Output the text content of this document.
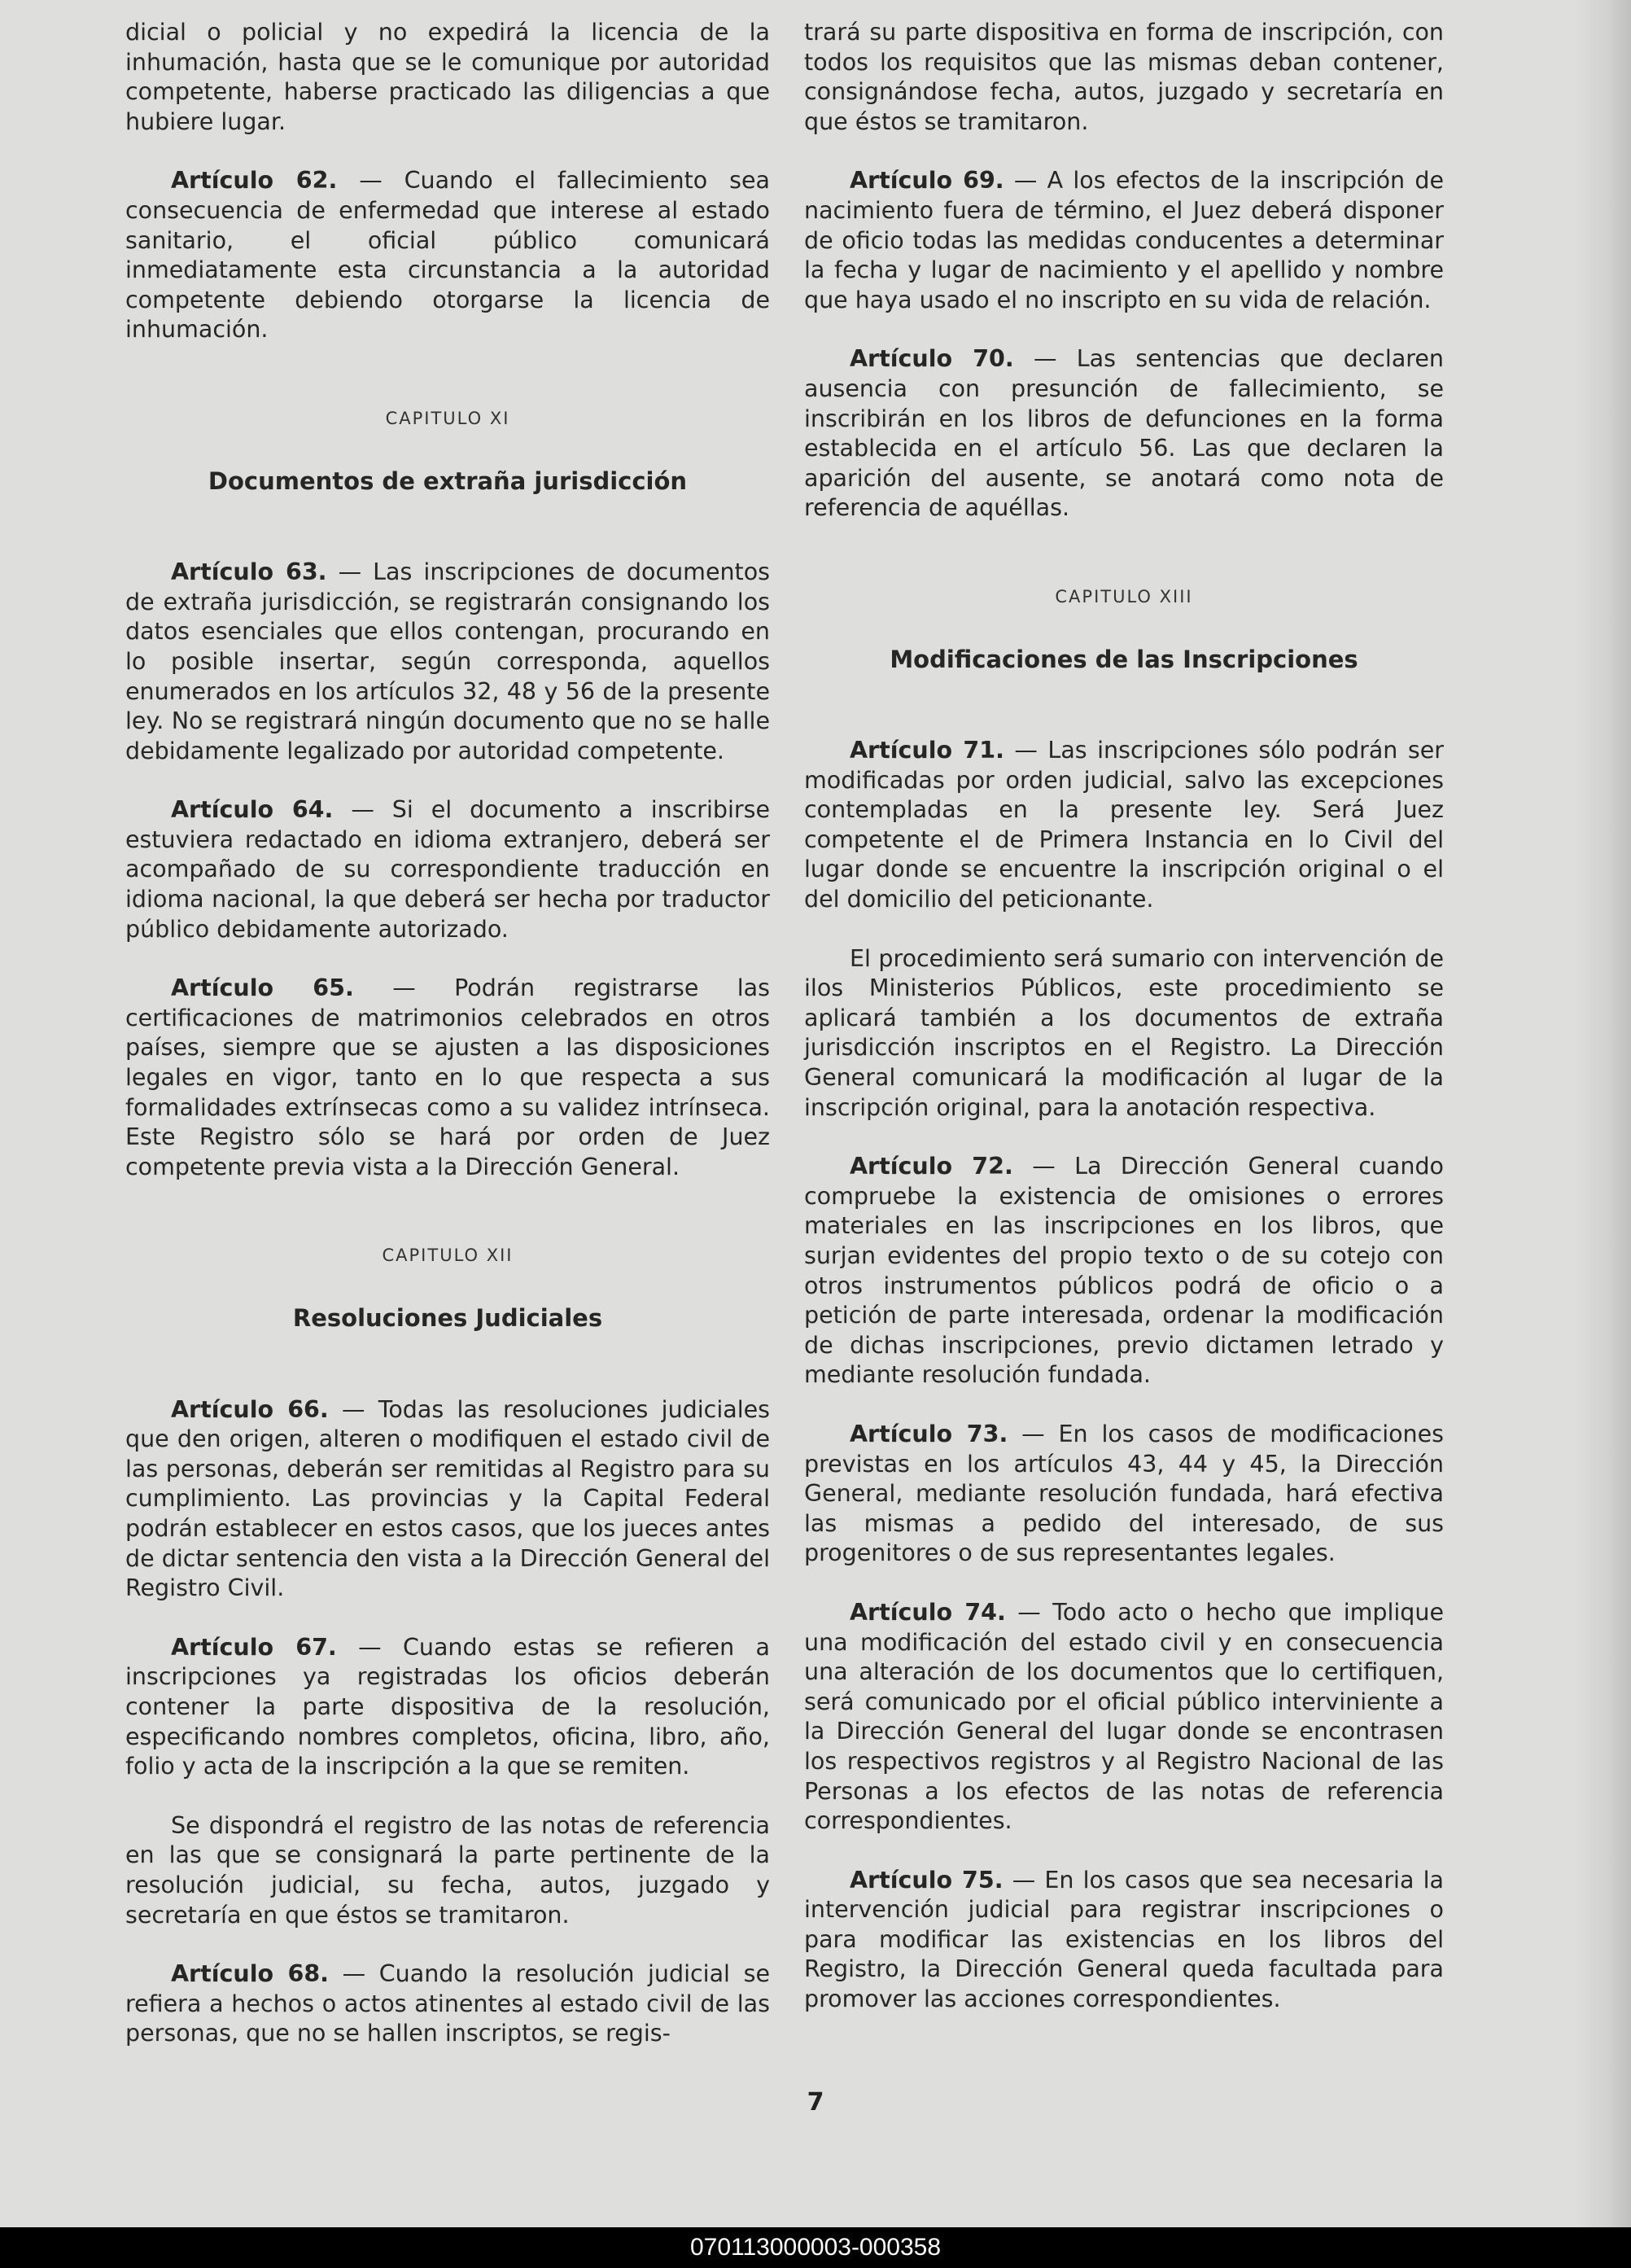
dicial o policial y no expedirá la licencia de la inhumación, hasta que se le comunique por autoridad competente, haberse practicado las diligencias a que hubiere lugar.

Artículo 62. — Cuando el fallecimiento sea consecuencia de enfermedad que interese al estado sanitario, el oficial público comunicará inmediatamente esta circunstancia a la autoridad competente debiendo otorgarse la licencia de inhumación.

CAPITULO XI
Documentos de extraña jurisdicción

Artículo 63. — Las inscripciones de documentos de extraña jurisdicción, se registrarán consignando los datos esenciales que ellos contengan, procurando en lo posible insertar, según corresponda, aquellos enumerados en los artículos 32, 48 y 56 de la presente ley. No se registrará ningún documento que no se halle debidamente legalizado por autoridad competente.

Artículo 64. — Si el documento a inscribirse estuviera redactado en idioma extranjero, deberá ser acompañado de su correspondiente traducción en idioma nacional, la que deberá ser hecha por traductor público debidamente autorizado.

Artículo 65. — Podrán registrarse las certificaciones de matrimonios celebrados en otros países, siempre que se ajusten a las disposiciones legales en vigor, tanto en lo que respecta a sus formalidades extrínsecas como a su validez intrínseca. Este Registro sólo se hará por orden de Juez competente previa vista a la Dirección General.

CAPITULO XII
Resoluciones Judiciales

Artículo 66. — Todas las resoluciones judiciales que den origen, alteren o modifiquen el estado civil de las personas, deberán ser remitidas al Registro para su cumplimiento. Las provincias y la Capital Federal podrán establecer en estos casos, que los jueces antes de dictar sentencia den vista a la Dirección General del Registro Civil.

Artículo 67. — Cuando estas se refieren a inscripciones ya registradas los oficios deberán contener la parte dispositiva de la resolución, especificando nombres completos, oficina, libro, año, folio y acta de la inscripción a la que se remiten.

Se dispondrá el registro de las notas de referencia en las que se consignará la parte pertinente de la resolución judicial, su fecha, autos, juzgado y secretaría en que éstos se tramitaron.

Artículo 68. — Cuando la resolución judicial se refiera a hechos o actos atinentes al estado civil de las personas, que no se hallen inscriptos, se regis-

trará su parte dispositiva en forma de inscripción, con todos los requisitos que las mismas deban contener, consignándose fecha, autos, juzgado y secretaría en que éstos se tramitaron.

Artículo 69. — A los efectos de la inscripción de nacimiento fuera de término, el Juez deberá disponer de oficio todas las medidas conducentes a determinar la fecha y lugar de nacimiento y el apellido y nombre que haya usado el no inscripto en su vida de relación.

Artículo 70. — Las sentencias que declaren ausencia con presunción de fallecimiento, se inscribirán en los libros de defunciones en la forma establecida en el artículo 56. Las que declaren la aparición del ausente, se anotará como nota de referencia de aquéllas.

CAPITULO XIII
Modificaciones de las Inscripciones

Artículo 71. — Las inscripciones sólo podrán ser modificadas por orden judicial, salvo las excepciones contempladas en la presente ley. Será Juez competente el de Primera Instancia en lo Civil del lugar donde se encuentre la inscripción original o el del domicilio del peticionante.

El procedimiento será sumario con intervención de ilos Ministerios Públicos, este procedimiento se aplicará también a los documentos de extraña jurisdicción inscriptos en el Registro. La Dirección General comunicará la modificación al lugar de la inscripción original, para la anotación respectiva.

Artículo 72. — La Dirección General cuando compruebe la existencia de omisiones o errores materiales en las inscripciones en los libros, que surjan evidentes del propio texto o de su cotejo con otros instrumentos públicos podrá de oficio o a petición de parte interesada, ordenar la modificación de dichas inscripciones, previo dictamen letrado y mediante resolución fundada.

Artículo 73. — En los casos de modificaciones previstas en los artículos 43, 44 y 45, la Dirección General, mediante resolución fundada, hará efectiva las mismas a pedido del interesado, de sus progenitores o de sus representantes legales.

Artículo 74. — Todo acto o hecho que implique una modificación del estado civil y en consecuencia una alteración de los documentos que lo certifiquen, será comunicado por el oficial público interviniente a la Dirección General del lugar donde se encontrasen los respectivos registros y al Registro Nacional de las Personas a los efectos de las notas de referencia correspondientes.

Artículo 75. — En los casos que sea necesaria la intervención judicial para registrar inscripciones o para modificar las existencias en los libros del Registro, la Dirección General queda facultada para promover las acciones correspondientes.

7
070113000003-000358
